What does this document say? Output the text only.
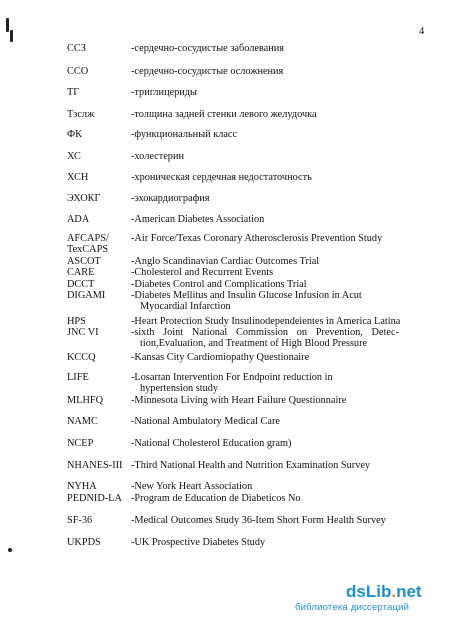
4
ССЗ	-сердечно-сосудистые заболевания
ССО	-сердечно-сосудистые осложнения
ТГ	-триглицериды
Тзслж	-толщина задней стенки левого желудочка
ФК	-функциональный класс
ХС	-холестерин
ХСН	-хроническая сердечная недостаточность
ЭХОКГ	-эхокардиография
ADA	-American Diabetes Association
AFCAPS/ -Air Force/Texas Coronary Atherosclerosis Prevention Study
TexCAPS
ASCOT	-Anglo Scandinavian Cardiac Outcomes Trial
CARE	-Cholesterol and Recurrent Events
DCCT	-Diabetes Control and Complications Trial
DIGAMI -Diabetes Mellitus and Insulin Glucose Infusion in Acut
Myocardial Infarction
HPS	-Heart Protection Study Insulinodependeientes in America Latina
JNC VI	-sixth Joint National Commission on Prevention, Detec-
tion,Evaluation, and Treatment of High Blood Pressure
KCCQ	-Kansas City Cardiomiopathy Questionaire
LIFE	-Losartan Intervention For Endpoint reduction in
hypertension study
MLHFQ	-Minnesota Living with Heart Failure Questionnaire
NAMC	-National Ambulatory Medical Care
NCEP	-National Cholesterol Education gram)
NHANES-III -Third National Health and Nutrition Examination Survey
NYHA	-New York Heart Association
PEDNID-LA -Program de Education de Diabeticos No
SF-36	-Medical Outcomes Study 36-Item Short Form Health Survey
UKPDS	-UK Prospective Diabetes Study
dsLib.net
библиотека диссертаций
